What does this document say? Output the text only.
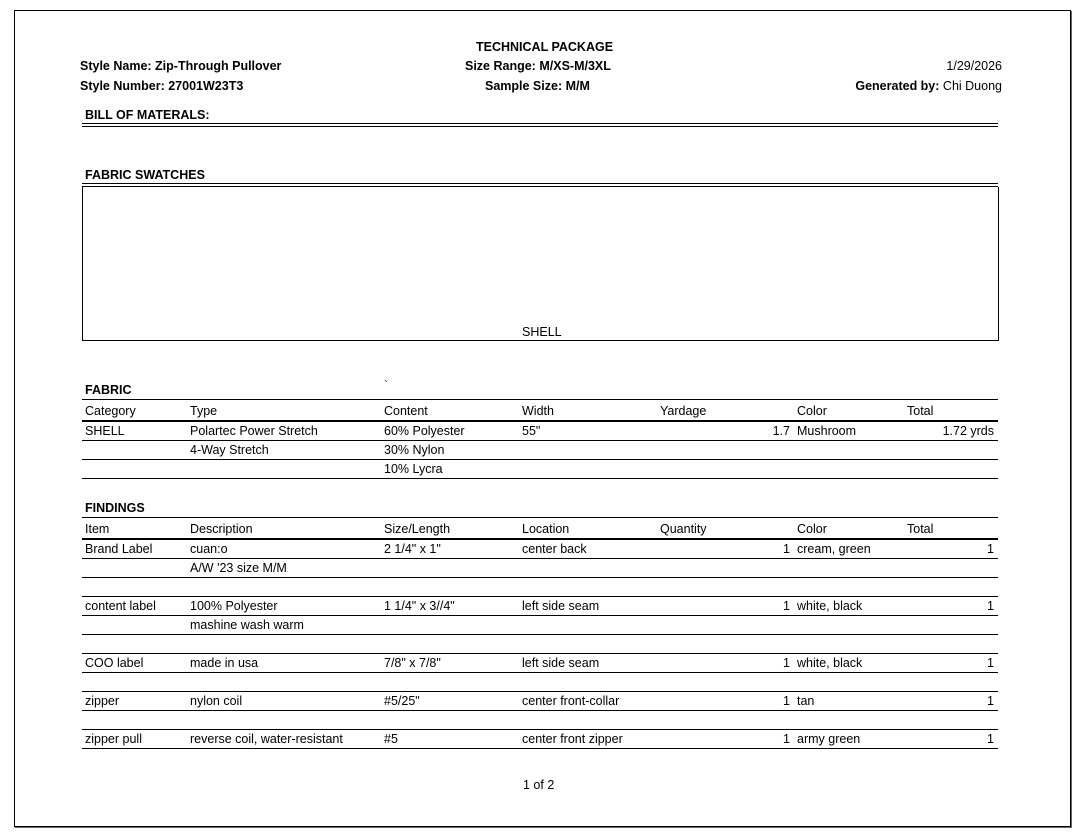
TECHNICAL PACKAGE
Style Name: Zip-Through Pullover
Style Number: 27001W23T3
Size Range: M/XS-M/3XL
Sample Size: M/M
1/29/2026
Generated by: Chi Duong
BILL OF MATERALS:
FABRIC SWATCHES
SHELL
FABRIC	`
Category	Type	Content	Width	Yardage	Color	Total
SHELL	Polartec Power Stretch	60% Polyester	55"	1.7	Mushroom	1.72 yrds
	4-Way Stretch	30% Nylon				
		10% Lycra				
FINDINGS
Item	Description	Size/Length	Location	Quantity	Color	Total
Brand Label	cuan:o	2 1/4" x 1"	center back	1	cream, green	1
	A/W '23 size M/M					

content label	100% Polyester	1 1/4" x 3//4"	left side seam	1	white, black	1
	mashine wash warm					

COO label	made in usa	7/8" x 7/8"	left side seam	1	white, black	1

zipper	nylon coil	#5/25"	center front-collar	1	tan	1

zipper pull	reverse coil, water-resistant	#5	center front zipper	1	army green	1
1 of 2
